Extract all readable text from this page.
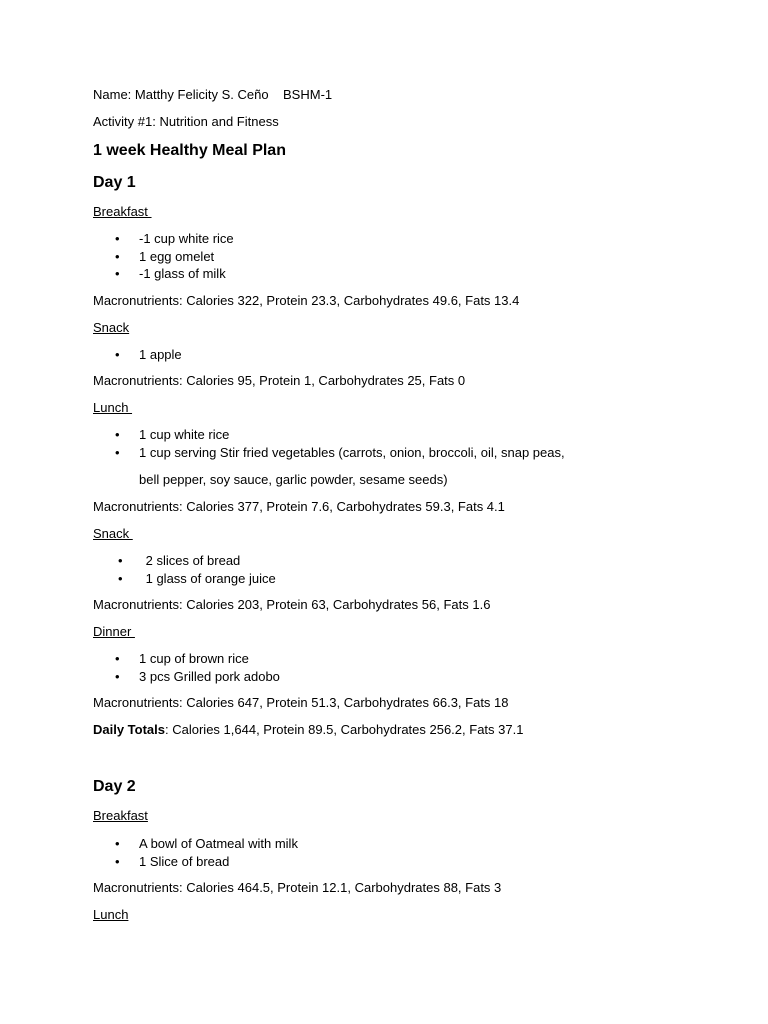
Name: Matthy Felicity S. Ceño    BSHM-1

Activity #1: Nutrition and Fitness

1 week Healthy Meal Plan

Day 1

Breakfast

• -1 cup white rice
• 1 egg omelet
• -1 glass of milk

Macronutrients: Calories 322, Protein 23.3, Carbohydrates 49.6, Fats 13.4

Snack

• 1 apple

Macronutrients: Calories 95, Protein 1, Carbohydrates 25, Fats 0

Lunch

• 1 cup white rice
• 1 cup serving Stir fried vegetables (carrots, onion, broccoli, oil, snap peas,

bell pepper, soy sauce, garlic powder, sesame seeds)

Macronutrients: Calories 377, Protein 7.6, Carbohydrates 59.3, Fats 4.1

Snack

•  2 slices of bread
•  1 glass of orange juice

Macronutrients: Calories 203, Protein 63, Carbohydrates 56, Fats 1.6

Dinner

• 1 cup of brown rice
• 3 pcs Grilled pork adobo

Macronutrients: Calories 647, Protein 51.3, Carbohydrates 66.3, Fats 18

Daily Totals: Calories 1,644, Protein 89.5, Carbohydrates 256.2, Fats 37.1

Day 2

Breakfast

• A bowl of Oatmeal with milk
• 1 Slice of bread

Macronutrients: Calories 464.5, Protein 12.1, Carbohydrates 88, Fats 3

Lunch
